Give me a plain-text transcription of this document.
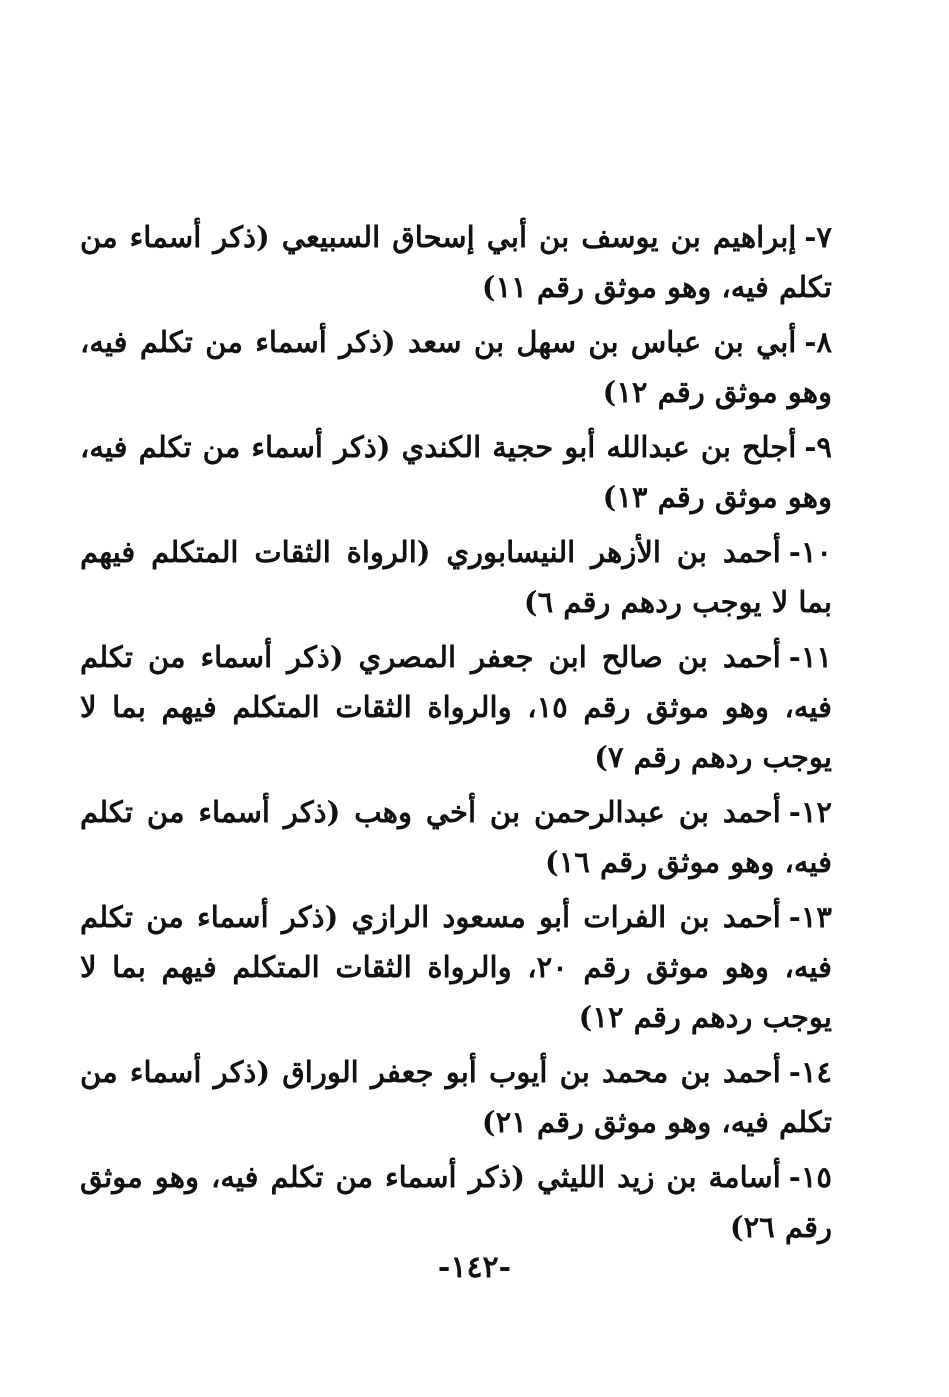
٧-إبراهيم بن يوسف بن أبي إسحاق السبيعي (ذكر أسماء من تكلم فيه، وهو موثق رقم ١١)

٨-أبي بن عباس بن سهل بن سعد (ذكر أسماء من تكلم فيه، وهو موثق رقم ١٢)

٩-أجلح بن عبدالله أبو حجية الكندي (ذكر أسماء من تكلم فيه، وهو موثق رقم ١٣)

١٠-أحمد بن الأزهر النيسابوري (الرواة الثقات المتكلم فيهم بما لا يوجب ردهم رقم ٦)

١١-أحمد بن صالح ابن جعفر المصري (ذكر أسماء من تكلم فيه، وهو موثق رقم ١٥، والرواة الثقات المتكلم فيهم بما لا يوجب ردهم رقم ٧)

١٢-أحمد بن عبدالرحمن بن أخي وهب (ذكر أسماء من تكلم فيه، وهو موثق رقم ١٦)

١٣-أحمد بن الفرات أبو مسعود الرازي (ذكر أسماء من تكلم فيه، وهو موثق رقم ٢٠، والرواة الثقات المتكلم فيهم بما لا يوجب ردهم رقم ١٢)

١٤-أحمد بن محمد بن أيوب أبو جعفر الوراق (ذكر أسماء من تكلم فيه، وهو موثق رقم ٢١)

١٥-أسامة بن زيد الليثي (ذكر أسماء من تكلم فيه، وهو موثق رقم ٢٦)

-١٤٢-
